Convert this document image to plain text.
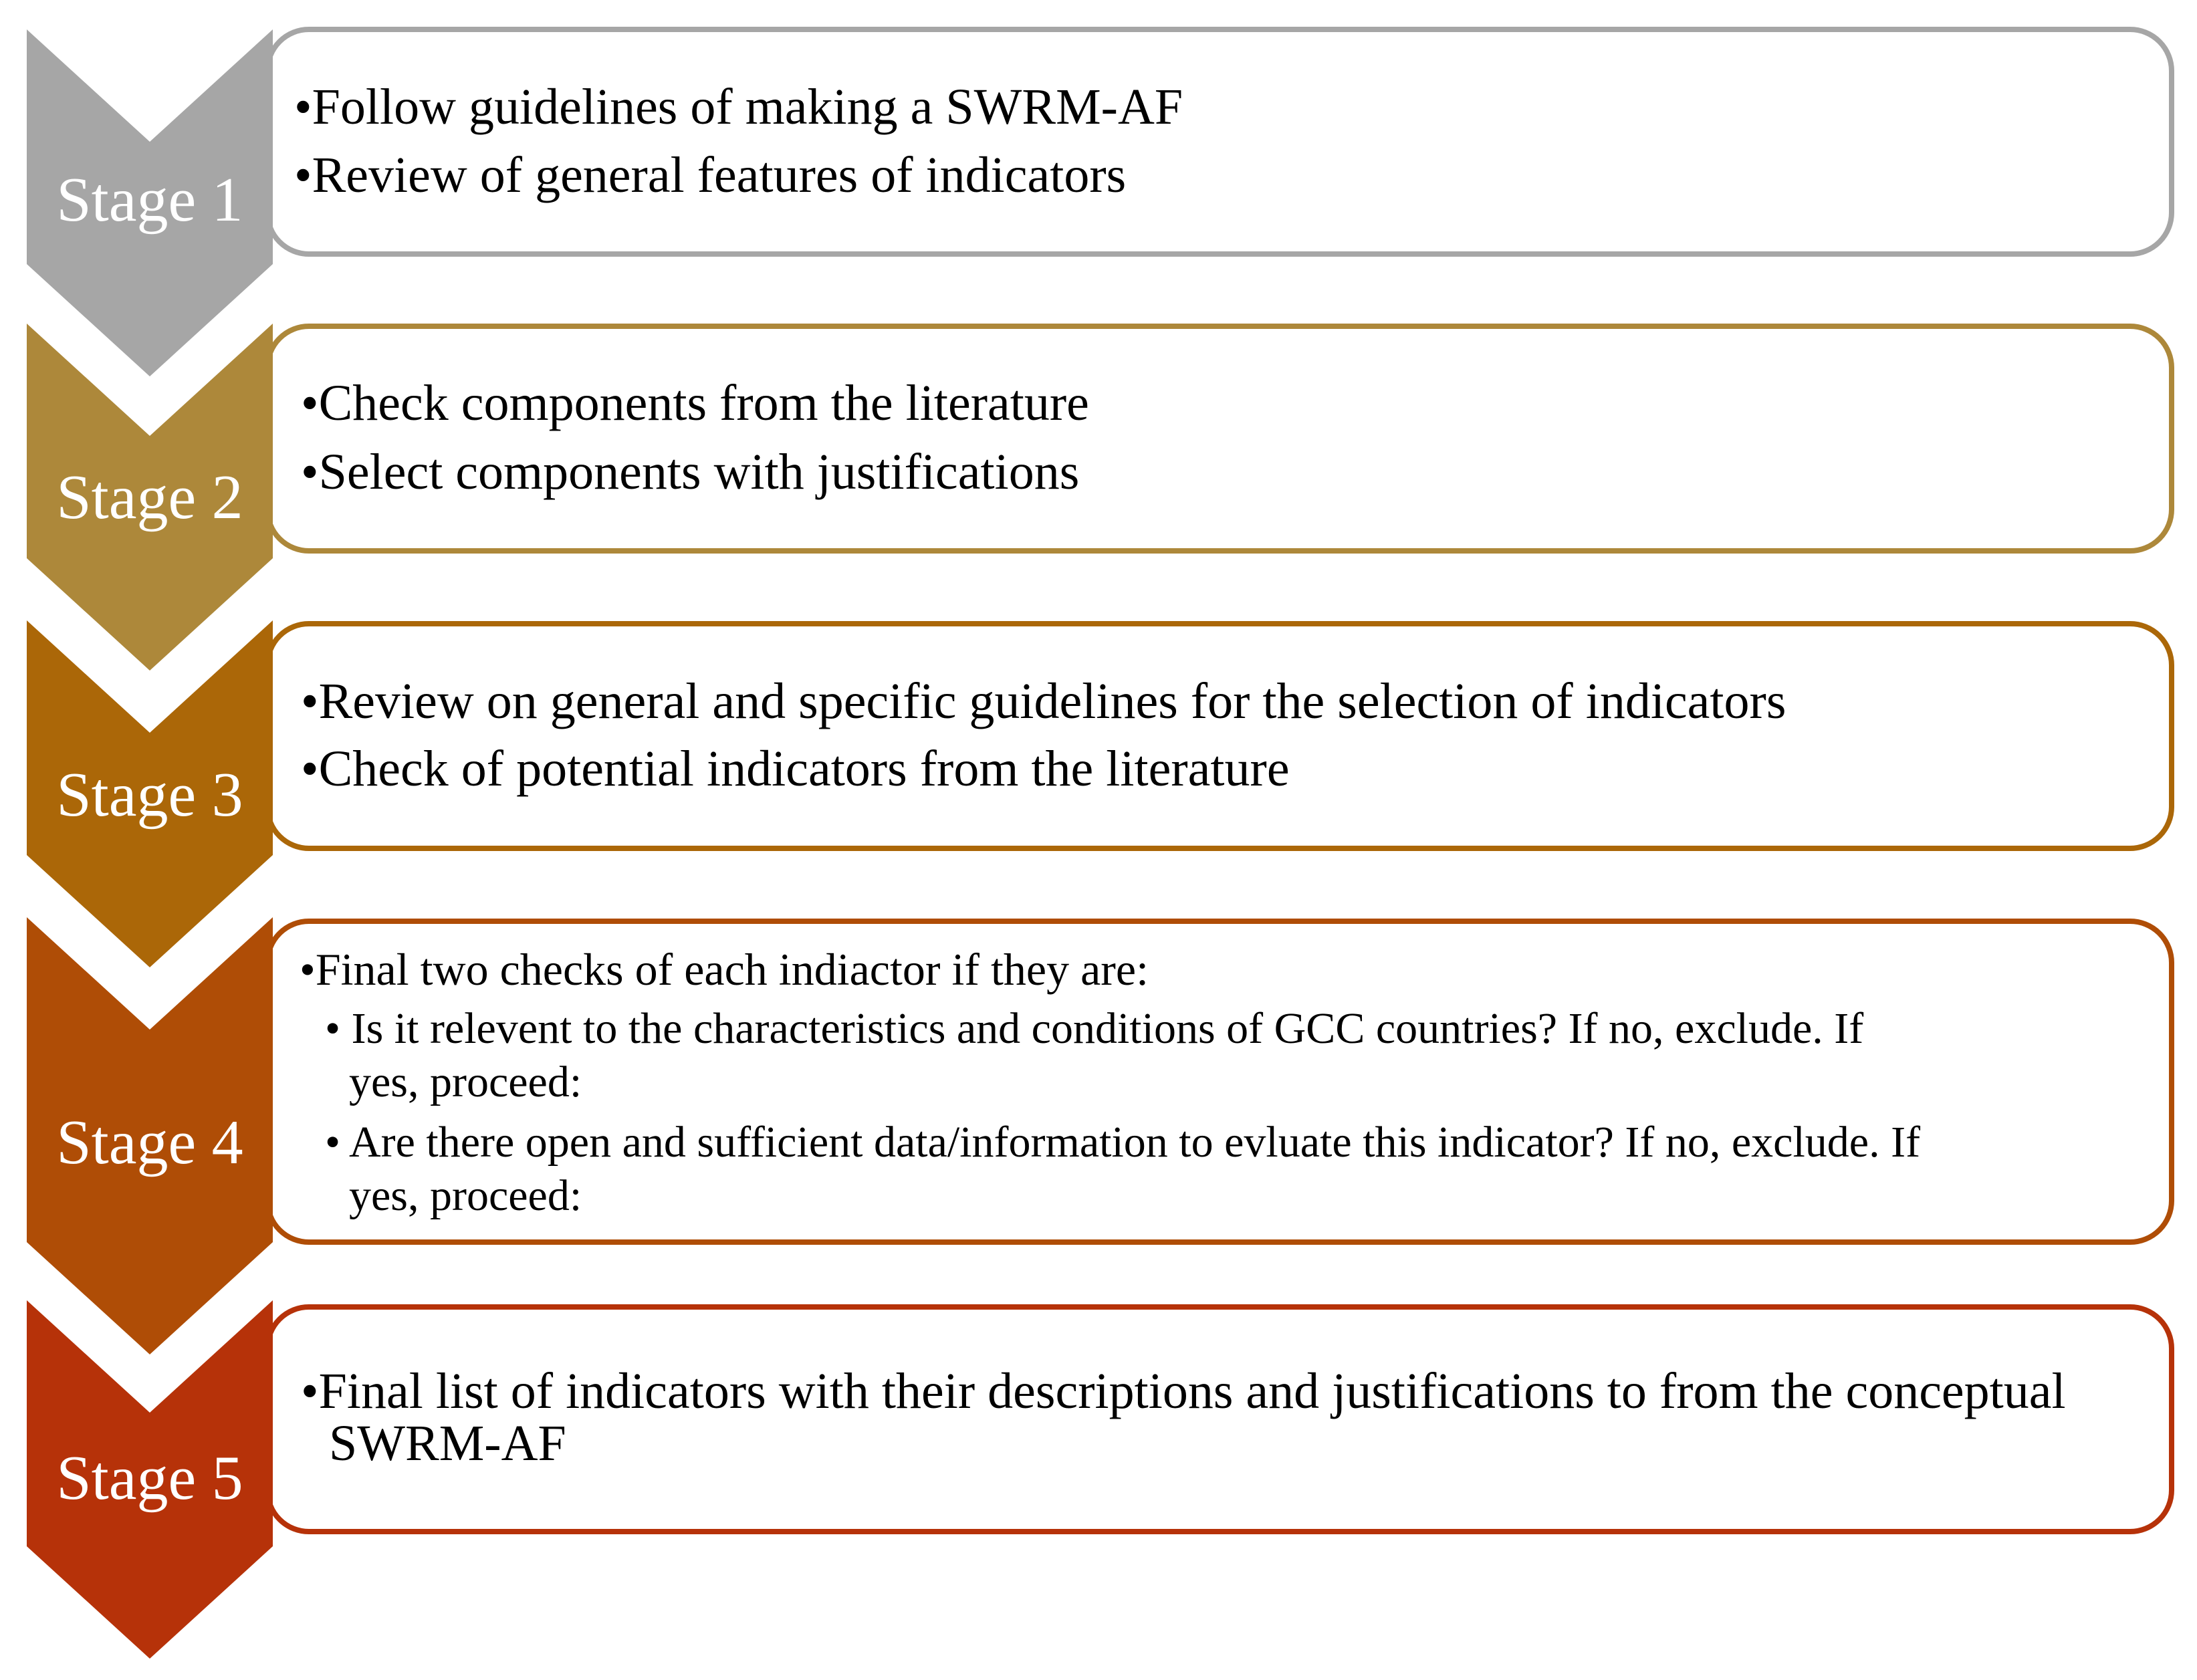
Stage 1
•Follow guidelines of making a SWRM-AF
•Review of general features of indicators
Stage 2
•Check components from the literature
•Select components with justifications
Stage 3
•Review on general and specific guidelines for the selection of indicators
•Check of potential indicators from the literature
Stage 4
•Final two checks of each indiactor if they are:
• Is it relevent to the characteristics and conditions of GCC countries? If no, exclude. If yes, proceed:
• Are there open and sufficient data/information to evluate this indicator? If no, exclude. If yes, proceed:
Stage 5
•Final list of indicators with their descriptions and justifications to from the conceptual SWRM-AF
